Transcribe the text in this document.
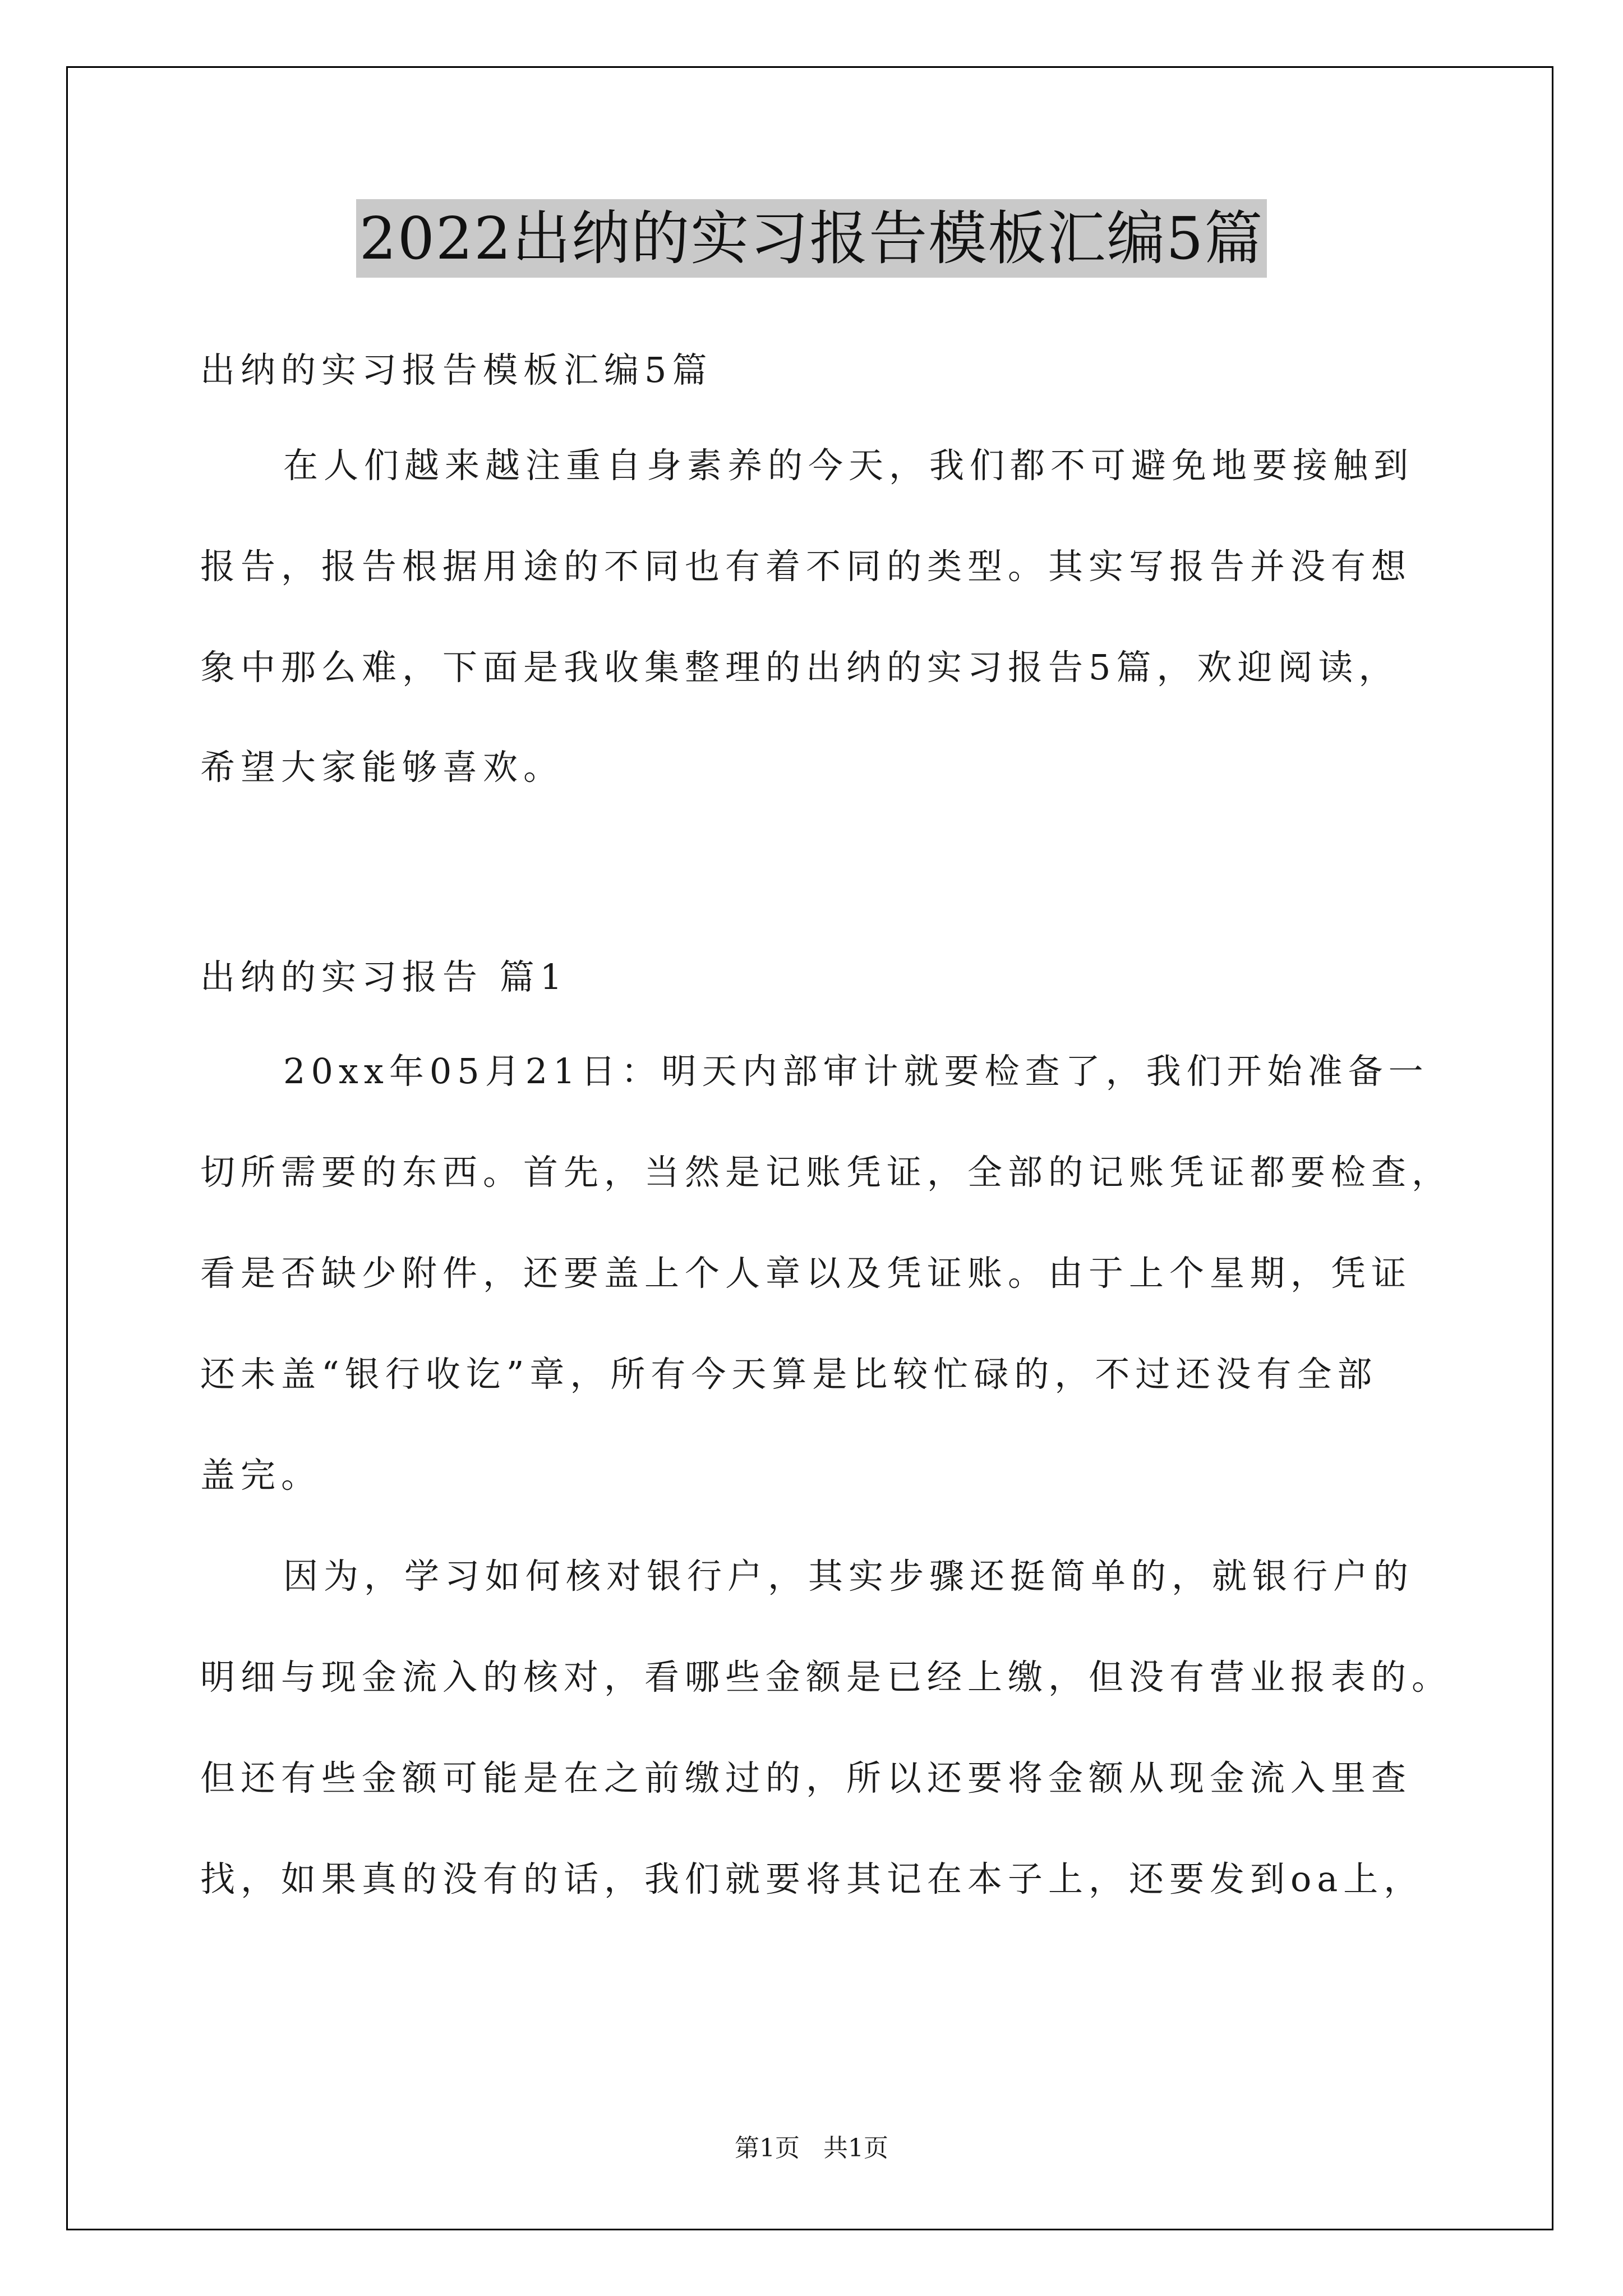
2022出纳的实习报告模板汇编5篇
出纳的实习报告模板汇编5篇
在人们越来越注重自身素养的今天，我们都不可避免地要接触到
报告，报告根据用途的不同也有着不同的类型。其实写报告并没有想
象中那么难，下面是我收集整理的出纳的实习报告5篇，欢迎阅读，
希望大家能够喜欢。
出纳的实习报告 篇1
20xx年05月21日：明天内部审计就要检查了，我们开始准备一
切所需要的东西。首先，当然是记账凭证，全部的记账凭证都要检查，
看是否缺少附件，还要盖上个人章以及凭证账。由于上个星期，凭证
还未盖“银行收讫”章，所有今天算是比较忙碌的，不过还没有全部
盖完。
因为，学习如何核对银行户，其实步骤还挺简单的，就银行户的
明细与现金流入的核对，看哪些金额是已经上缴，但没有营业报表的。
但还有些金额可能是在之前缴过的，所以还要将金额从现金流入里查
找，如果真的没有的话，我们就要将其记在本子上，还要发到oa上，
第1页 共1页
